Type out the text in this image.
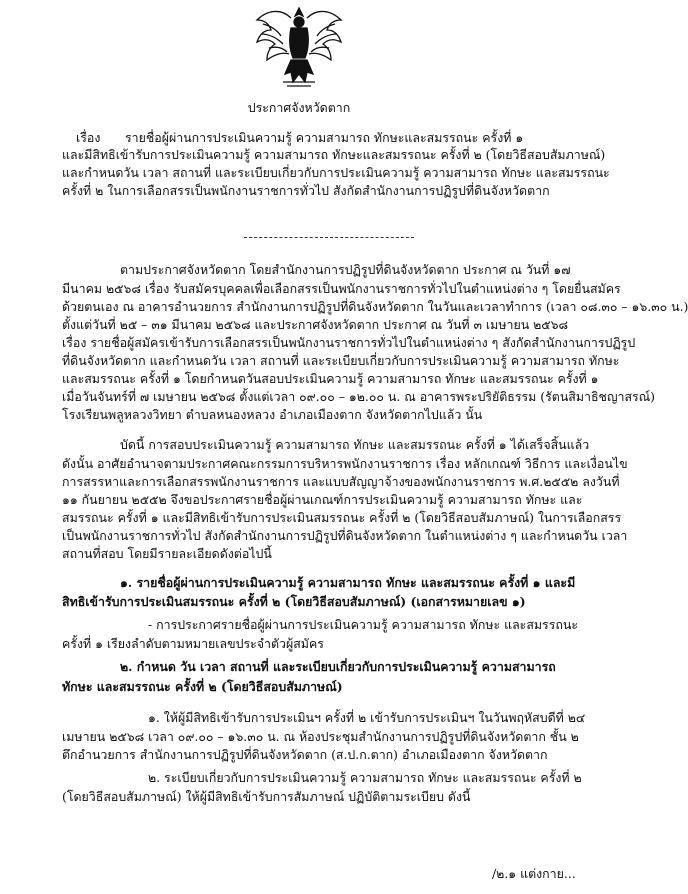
ประกาศจังหวัดตาก
เรื่อง รายชื่อผู้ผ่านการประเมินความรู้ ความสามารถ ทักษะและสมรรถนะ ครั้งที่ ๑
และมีสิทธิเข้ารับการประเมินความรู้ ความสามารถ ทักษะและสมรรถนะ ครั้งที่ ๒ (โดยวิธีสอบสัมภาษณ์)
และกำหนดวัน เวลา สถานที่ และระเบียบเกี่ยวกับการประเมินความรู้ ความสามารถ ทักษะ และสมรรถนะ
ครั้งที่ ๒ ในการเลือกสรรเป็นพนักงานราชการทั่วไป สังกัดสำนักงานการปฏิรูปที่ดินจังหวัดตาก
ตามประกาศจังหวัดตาก โดยสำนักงานการปฏิรูปที่ดินจังหวัดตาก ประกาศ ณ วันที่ ๑๗
มีนาคม ๒๕๖๘ เรื่อง รับสมัครบุคคลเพื่อเลือกสรรเป็นพนักงานราชการทั่วไปในตำแหน่งต่าง ๆ โดยยื่นสมัคร
ด้วยตนเอง ณ อาคารอำนวยการ สำนักงานการปฏิรูปที่ดินจังหวัดตาก ในวันและเวลาทำการ (เวลา ๐๘.๓๐ – ๑๖.๓๐ น.)
ตั้งแต่วันที่ ๒๕ – ๓๑ มีนาคม ๒๕๖๘ และประกาศจังหวัดตาก ประกาศ ณ วันที่ ๓ เมษายน ๒๕๖๘
เรื่อง รายชื่อผู้สมัครเข้ารับการเลือกสรรเป็นพนักงานราชการทั่วไปในตำแหน่งต่าง ๆ สังกัดสำนักงานการปฏิรูป
ที่ดินจังหวัดตาก และกำหนดวัน เวลา สถานที่ และระเบียบเกี่ยวกับการประเมินความรู้ ความสามารถ ทักษะ
และสมรรถนะ ครั้งที่ ๑ โดยกำหนดวันสอบประเมินความรู้ ความสามารถ ทักษะ และสมรรถนะ ครั้งที่ ๑
เมื่อวันจันทร์ที่ ๗ เมษายน ๒๕๖๘ ตั้งแต่เวลา ๐๙.๐๐ – ๑๒.๐๐ น. ณ อาคารพระปริยัติธรรม (รัตนสิมาธิชญาสรณ์)
โรงเรียนพลูหลวงวิทยา ตำบลหนองหลวง อำเภอเมืองตาก จังหวัดตากไปแล้ว นั้น
บัดนี้ การสอบประเมินความรู้ ความสามารถ ทักษะ และสมรรถนะ ครั้งที่ ๑ ได้เสร็จสิ้นแล้ว
ดังนั้น อาศัยอำนาจตามประกาศคณะกรรมการบริหารพนักงานราชการ เรื่อง หลักเกณฑ์ วิธีการ และเงื่อนไข
การสรรหาและการเลือกสรรพนักงานราชการ และแบบสัญญาจ้างของพนักงานราชการ พ.ศ.๒๕๕๒ ลงวันที่
๑๑ กันยายน ๒๕๕๒ จึงขอประกาศรายชื่อผู้ผ่านเกณฑ์การประเมินความรู้ ความสามารถ ทักษะ และ
สมรรถนะ ครั้งที่ ๑ และมีสิทธิเข้ารับการประเมินสมรรถนะ ครั้งที่ ๒ (โดยวิธีสอบสัมภาษณ์) ในการเลือกสรร
เป็นพนักงานราชการทั่วไป สังกัดสำนักงานการปฏิรูปที่ดินจังหวัดตาก ในตำแหน่งต่าง ๆ และกำหนดวัน เวลา
สถานที่สอบ โดยมีรายละเอียดดังต่อไปนี้
๑. รายชื่อผู้ผ่านการประเมินความรู้ ความสามารถ ทักษะ และสมรรถนะ ครั้งที่ ๑ และมี
สิทธิเข้ารับการประเมินสมรรถนะ ครั้งที่ ๒ (โดยวิธีสอบสัมภาษณ์) (เอกสารหมายเลข ๑)
- การประกาศรายชื่อผู้ผ่านการประเมินความรู้ ความสามารถ ทักษะ และสมรรถนะ
ครั้งที่ ๑ เรียงลำดับตามหมายเลขประจำตัวผู้สมัคร
๒. กำหนด วัน เวลา สถานที่ และระเบียบเกี่ยวกับการประเมินความรู้ ความสามารถ
ทักษะ และสมรรถนะ ครั้งที่ ๒ (โดยวิธีสอบสัมภาษณ์)
๑. ให้ผู้มีสิทธิเข้ารับการประเมินฯ ครั้งที่ ๒ เข้ารับการประเมินฯ ในวันพฤหัสบดีที่ ๒๔
เมษายน ๒๕๖๘ เวลา ๐๙.๐๐ – ๑๖.๓๐ น. ณ ห้องประชุมสำนักงานการปฏิรูปที่ดินจังหวัดตาก ชั้น ๒
ตึกอำนวยการ สำนักงานการปฏิรูปที่ดินจังหวัดตาก (ส.ป.ก.ตาก) อำเภอเมืองตาก จังหวัดตาก
๒. ระเบียบเกี่ยวกับการประเมินความรู้ ความสามารถ ทักษะ และสมรรถนะ ครั้งที่ ๒
(โดยวิธีสอบสัมภาษณ์) ให้ผู้มีสิทธิเข้ารับการสัมภาษณ์ ปฏิบัติตามระเบียบ ดังนี้
/๒.๑ แต่งกาย...
